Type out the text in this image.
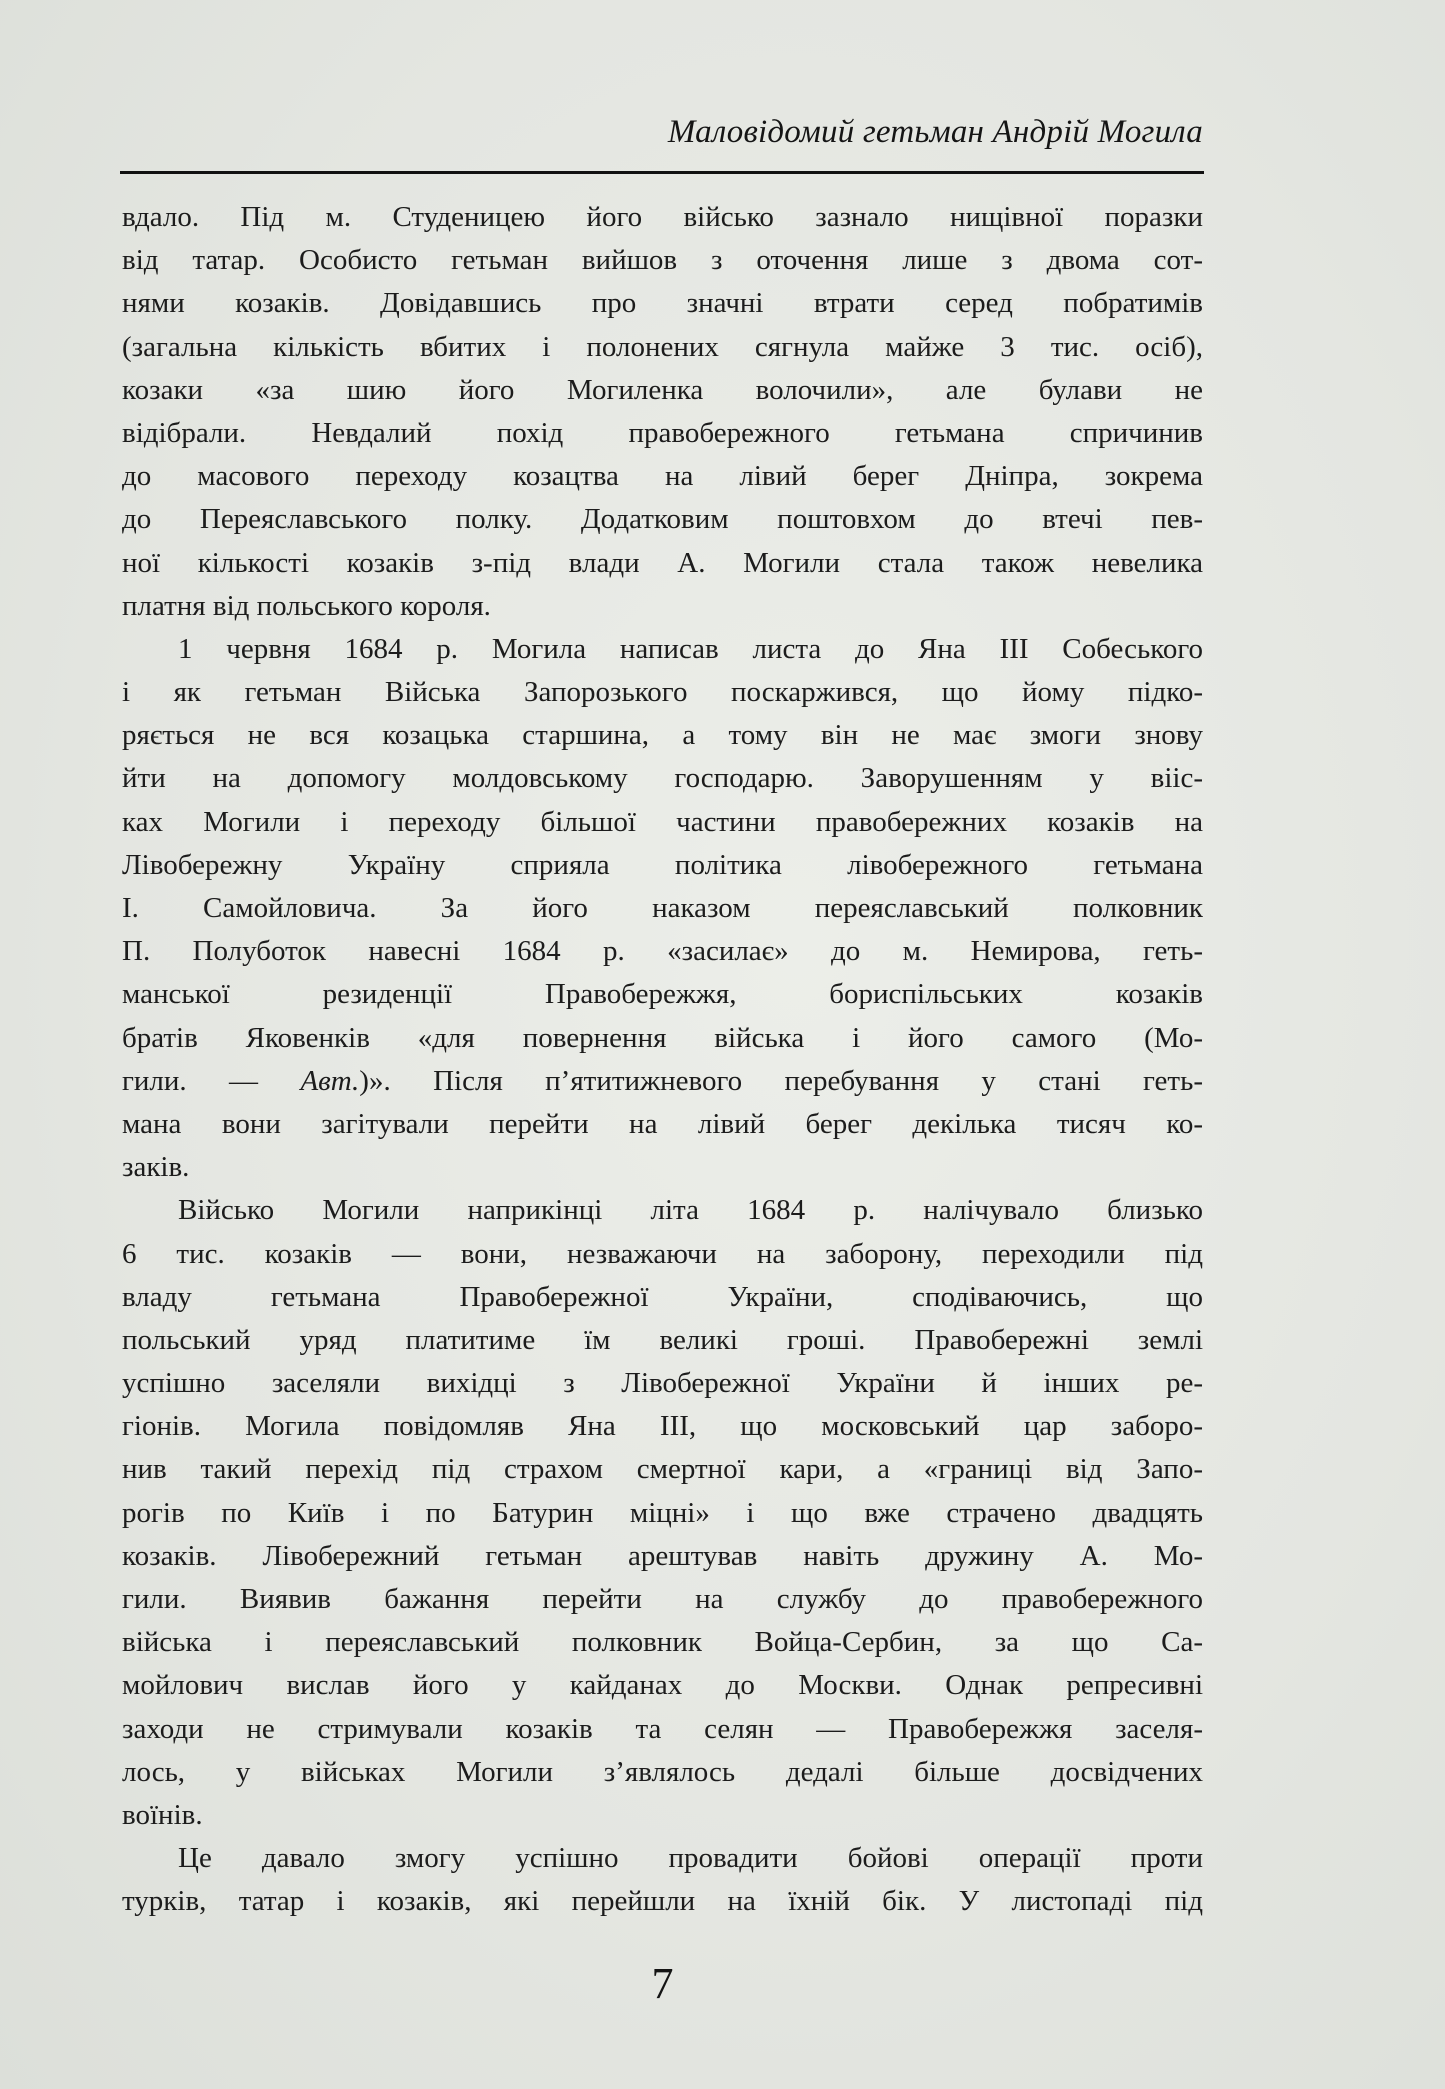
Маловідомий гетьман Андрій Могила
вдало. Під м. Студеницею його військо зазнало нищівної поразки
від татар. Особисто гетьман вийшов з оточення лише з двома сот-
нями козаків. Довідавшись про значні втрати серед побратимів
(загальна кількість вбитих і полонених сягнула майже 3 тис. осіб),
козаки «за шию його Могиленка волочили», але булави не
відібрали. Невдалий похід правобережного гетьмана спричинив
до масового переходу козацтва на лівий берег Дніпра, зокрема
до Переяславського полку. Додатковим поштовхом до втечі пев-
ної кількості козаків з-під влади А. Могили стала також невелика
платня від польського короля.
1 червня 1684 р. Могила написав листа до Яна III Собеського
і як гетьман Війська Запорозького поскаржився, що йому підко-
ряється не вся козацька старшина, а тому він не має змоги знову
йти на допомогу молдовському господарю. Заворушенням у вііс-
ках Могили і переходу більшої частини правобережних козаків на
Лівобережну Україну сприяла політика лівобережного гетьмана
І. Самойловича. За його наказом переяславський полковник
П. Полуботок навесні 1684 р. «засилає» до м. Немирова, геть-
манської резиденції Правобережжя, бориспільських козаків
братів Яковенків «для повернення війська і його самого (Мо-
гили. — Авт.)». Після п’ятитижневого перебування у стані геть-
мана вони загітували перейти на лівий берег декілька тисяч ко-
заків.
Військо Могили наприкінці літа 1684 р. налічувало близько
6 тис. козаків — вони, незважаючи на заборону, переходили під
владу гетьмана Правобережної України, сподіваючись, що
польський уряд платитиме їм великі гроші. Правобережні землі
успішно заселяли вихідці з Лівобережної України й інших ре-
гіонів. Могила повідомляв Яна III, що московський цар заборо-
нив такий перехід під страхом смертної кари, а «границі від Запо-
рогів по Київ і по Батурин міцні» і що вже страчено двадцять
козаків. Лівобережний гетьман арештував навіть дружину А. Мо-
гили. Виявив бажання перейти на службу до правобережного
війська і переяславський полковник Войца-Сербин, за що Са-
мойлович вислав його у кайданах до Москви. Однак репресивні
заходи не стримували козаків та селян — Правобережжя заселя-
лось, у військах Могили з’являлось дедалі більше досвідчених
воїнів.
Це давало змогу успішно провадити бойові операції проти
турків, татар і козаків, які перейшли на їхній бік. У листопаді під
7
